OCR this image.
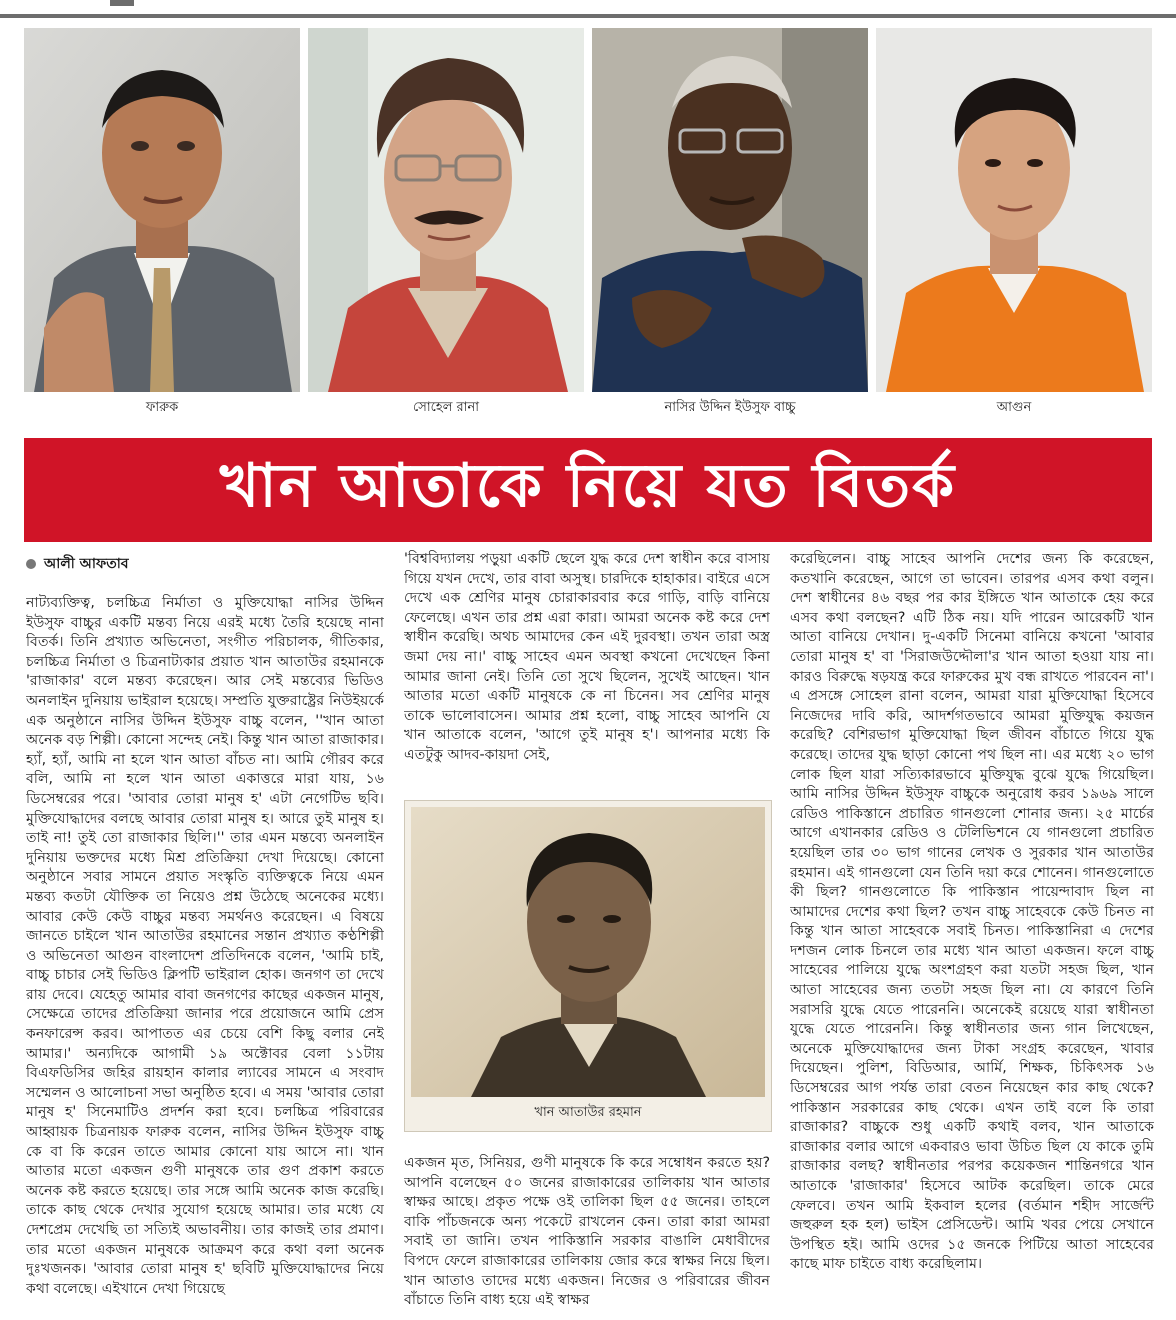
ফারুক	সোহেল রানা	নাসির উদ্দিন ইউসুফ বাচ্চু	আগুন
খান আতাকে নিয়ে যত বিতর্ক
আলী আফতাব

নাট্যব্যক্তিত্ব, চলচ্চিত্র নির্মাতা ও মুক্তিযোদ্ধা নাসির উদ্দিন ইউসুফ বাচ্চুর একটি মন্তব্য নিয়ে এরই মধ্যে তৈরি হয়েছে নানা বিতর্ক। তিনি প্রখ্যাত অভিনেতা, সংগীত পরিচালক, গীতিকার, চলচ্চিত্র নির্মাতা ও চিত্রনাট্যকার প্রয়াত খান আতাউর রহমানকে 'রাজাকার' বলে মন্তব্য করেছেন। আর সেই মন্তব্যের ভিডিও অনলাইন দুনিয়ায় ভাইরাল হয়েছে। সম্প্রতি যুক্তরাষ্ট্রের নিউইয়র্কে এক অনুষ্ঠানে নাসির উদ্দিন ইউসুফ বাচ্চু বলেন, ''খান আতা অনেক বড় শিল্পী। কোনো সন্দেহ নেই। কিন্তু খান আতা রাজাকার। হ্যাঁ, হ্যাঁ, আমি না হলে খান আতা বাঁচত না। আমি গৌরব করে বলি, আমি না হলে খান আতা একাত্তরে মারা যায়, ১৬ ডিসেম্বরের পরে। 'আবার তোরা মানুষ হ' এটা নেগেটিভ ছবি। মুক্তিযোদ্ধাদের বলছে আবার তোরা মানুষ হ। আরে তুই মানুষ হ। তাই না! তুই তো রাজাকার ছিলি।'' তার এমন মন্তব্যে অনলাইন দুনিয়ায় ভক্তদের মধ্যে মিশ্র প্রতিক্রিয়া দেখা দিয়েছে। কোনো অনুষ্ঠানে সবার সামনে প্রয়াত সংস্কৃতি ব্যক্তিত্বকে নিয়ে এমন মন্তব্য কতটা যৌক্তিক তা নিয়েও প্রশ্ন উঠেছে অনেকের মধ্যে। আবার কেউ কেউ বাচ্চুর মন্তব্য সমর্থনও করেছেন। এ বিষয়ে জানতে চাইলে খান আতাউর রহমানের সন্তান প্রখ্যাত কণ্ঠশিল্পী ও অভিনেতা আগুন বাংলাদেশ প্রতিদিনকে বলেন, 'আমি চাই, বাচ্চু চাচার সেই ভিডিও ক্লিপটি ভাইরাল হোক। জনগণ তা দেখে রায় দেবে। যেহেতু আমার বাবা জনগণের কাছের একজন মানুষ, সেক্ষেত্রে তাদের প্রতিক্রিয়া জানার পরে প্রয়োজনে আমি প্রেস কনফারেন্স করব। আপাতত এর চেয়ে বেশি কিছু বলার নেই আমার।' অন্যদিকে আগামী ১৯ অক্টোবর বেলা ১১টায় বিএফডিসির জহির রায়হান কালার ল্যাবের সামনে এ সংবাদ সম্মেলন ও আলোচনা সভা অনুষ্ঠিত হবে। এ সময় 'আবার তোরা মানুষ হ' সিনেমাটিও প্রদর্শন করা হবে। চলচ্চিত্র পরিবারের আহ্বায়ক চিত্রনায়ক ফারুক বলেন, নাসির উদ্দিন ইউসুফ বাচ্চু কে বা কি করেন তাতে আমার কোনো যায় আসে না। খান আতার মতো একজন গুণী মানুষকে তার গুণ প্রকাশ করতে অনেক কষ্ট করতে হয়েছে। তার সঙ্গে আমি অনেক কাজ করেছি। তাকে কাছ থেকে দেখার সুযোগ হয়েছে আমার। তার মধ্যে যে দেশপ্রেম দেখেছি তা সত্যিই অভাবনীয়। তার কাজই তার প্রমাণ। তার মতো একজন মানুষকে আক্রমণ করে কথা বলা অনেক দুঃখজনক। 'আবার তোরা মানুষ হ' ছবিটি মুক্তিযোদ্ধাদের নিয়ে কথা বলেছে। এইখানে দেখা গিয়েছে

'বিশ্ববিদ্যালয় পড়ুয়া একটি ছেলে যুদ্ধ করে দেশ স্বাধীন করে বাসায় গিয়ে যখন দেখে, তার বাবা অসুস্থ। চারদিকে হাহাকার। বাইরে এসে দেখে এক শ্রেণির মানুষ চোরাকারবার করে গাড়ি, বাড়ি বানিয়ে ফেলেছে। এখন তার প্রশ্ন এরা কারা। আমরা অনেক কষ্ট করে দেশ স্বাধীন করেছি। অথচ আমাদের কেন এই দুরবস্থা। তখন তারা অস্ত্র জমা দেয় না।' বাচ্চু সাহেব এমন অবস্থা কখনো দেখেছেন কিনা আমার জানা নেই। তিনি তো সুখে ছিলেন, সুখেই আছেন। খান আতার মতো একটি মানুষকে কে না চিনেন। সব শ্রেণির মানুষ তাকে ভালোবাসেন। আমার প্রশ্ন হলো, বাচ্চু সাহেব আপনি যে খান আতাকে বলেন, 'আগে তুই মানুষ হ'। আপনার মধ্যে কি এতটুকু আদব-কায়দা সেই,

খান আতাউর রহমান

একজন মৃত, সিনিয়র, গুণী মানুষকে কি করে সম্বোধন করতে হয়? আপনি বলেছেন ৫০ জনের রাজাকারের তালিকায় খান আতার স্বাক্ষর আছে। প্রকৃত পক্ষে ওই তালিকা ছিল ৫৫ জনের। তাহলে বাকি পাঁচজনকে অন্য পকেটে রাখলেন কেন। তারা কারা আমরা সবাই তা জানি। তখন পাকিস্তানি সরকার বাঙালি মেধাবীদের বিপদে ফেলে রাজাকারের তালিকায় জোর করে স্বাক্ষর নিয়ে ছিল। খান আতাও তাদের মধ্যে একজন। নিজের ও পরিবারের জীবন বাঁচাতে তিনি বাধ্য হয়ে এই স্বাক্ষর

করেছিলেন। বাচ্চু সাহেব আপনি দেশের জন্য কি করেছেন, কতখানি করেছেন, আগে তা ভাবেন। তারপর এসব কথা বলুন। দেশ স্বাধীনের ৪৬ বছর পর কার ইঙ্গিতে খান আতাকে হেয় করে এসব কথা বলছেন? এটি ঠিক নয়। যদি পারেন আরেকটি খান আতা বানিয়ে দেখান। দু-একটি সিনেমা বানিয়ে কখনো 'আবার তোরা মানুষ হ' বা 'সিরাজউদ্দৌলা'র খান আতা হওয়া যায় না। কারও বিরুদ্ধে ষড়যন্ত্র করে ফারুকের মুখ বন্ধ রাখতে পারবেন না'। এ প্রসঙ্গে সোহেল রানা বলেন, আমরা যারা মুক্তিযোদ্ধা হিসেবে নিজেদের দাবি করি, আদর্শগতভাবে আমরা মুক্তিযুদ্ধ কয়জন করেছি? বেশিরভাগ মুক্তিযোদ্ধা ছিল জীবন বাঁচাতে গিয়ে যুদ্ধ করেছে। তাদের যুদ্ধ ছাড়া কোনো পথ ছিল না। এর মধ্যে ২০ ভাগ লোক ছিল যারা সত্যিকারভাবে মুক্তিযুদ্ধ বুঝে যুদ্ধে গিয়েছিল। আমি নাসির উদ্দিন ইউসুফ বাচ্চুকে অনুরোধ করব ১৯৬৯ সালে রেডিও পাকিস্তানে প্রচারিত গানগুলো শোনার জন্য। ২৫ মার্চের আগে এখানকার রেডিও ও টেলিভিশনে যে গানগুলো প্রচারিত হয়েছিল তার ৩০ ভাগ গানের লেখক ও সুরকার খান আতাউর রহমান। এই গানগুলো যেন তিনি দয়া করে শোনেন। গানগুলোতে কী ছিল? গানগুলোতে কি পাকিস্তান পায়েন্দাবাদ ছিল না আমাদের দেশের কথা ছিল? তখন বাচ্চু সাহেবকে কেউ চিনত না কিন্তু খান আতা সাহেবকে সবাই চিনত। পাকিস্তানিরা এ দেশের দশজন লোক চিনলে তার মধ্যে খান আতা একজন। ফলে বাচ্চু সাহেবের পালিয়ে যুদ্ধে অংশগ্রহণ করা যতটা সহজ ছিল, খান আতা সাহেবের জন্য ততটা সহজ ছিল না। যে কারণে তিনি সরাসরি যুদ্ধে যেতে পারেননি। অনেকেই রয়েছে যারা স্বাধীনতা যুদ্ধে যেতে পারেননি। কিন্তু স্বাধীনতার জন্য গান লিখেছেন, অনেকে মুক্তিযোদ্ধাদের জন্য টাকা সংগ্রহ করেছেন, খাবার দিয়েছেন। পুলিশ, বিডিআর, আর্মি, শিক্ষক, চিকিৎসক ১৬ ডিসেম্বরের আগ পর্যন্ত তারা বেতন নিয়েছেন কার কাছ থেকে? পাকিস্তান সরকারের কাছ থেকে। এখন তাই বলে কি তারা রাজাকার? বাচ্চুকে শুধু একটি কথাই বলব, খান আতাকে রাজাকার বলার আগে একবারও ভাবা উচিত ছিল যে কাকে তুমি রাজাকার বলছ? স্বাধীনতার পরপর কয়েকজন শান্তিনগরে খান আতাকে 'রাজাকার' হিসেবে আটক করেছিল। তাকে মেরে ফেলবে। তখন আমি ইকবাল হলের (বর্তমান শহীদ সার্জেন্ট জহুরুল হক হল) ভাইস প্রেসিডেন্ট। আমি খবর পেয়ে সেখানে উপস্থিত হই। আমি ওদের ১৫ জনকে পিটিয়ে আতা সাহেবের কাছে মাফ চাইতে বাধ্য করেছিলাম।
